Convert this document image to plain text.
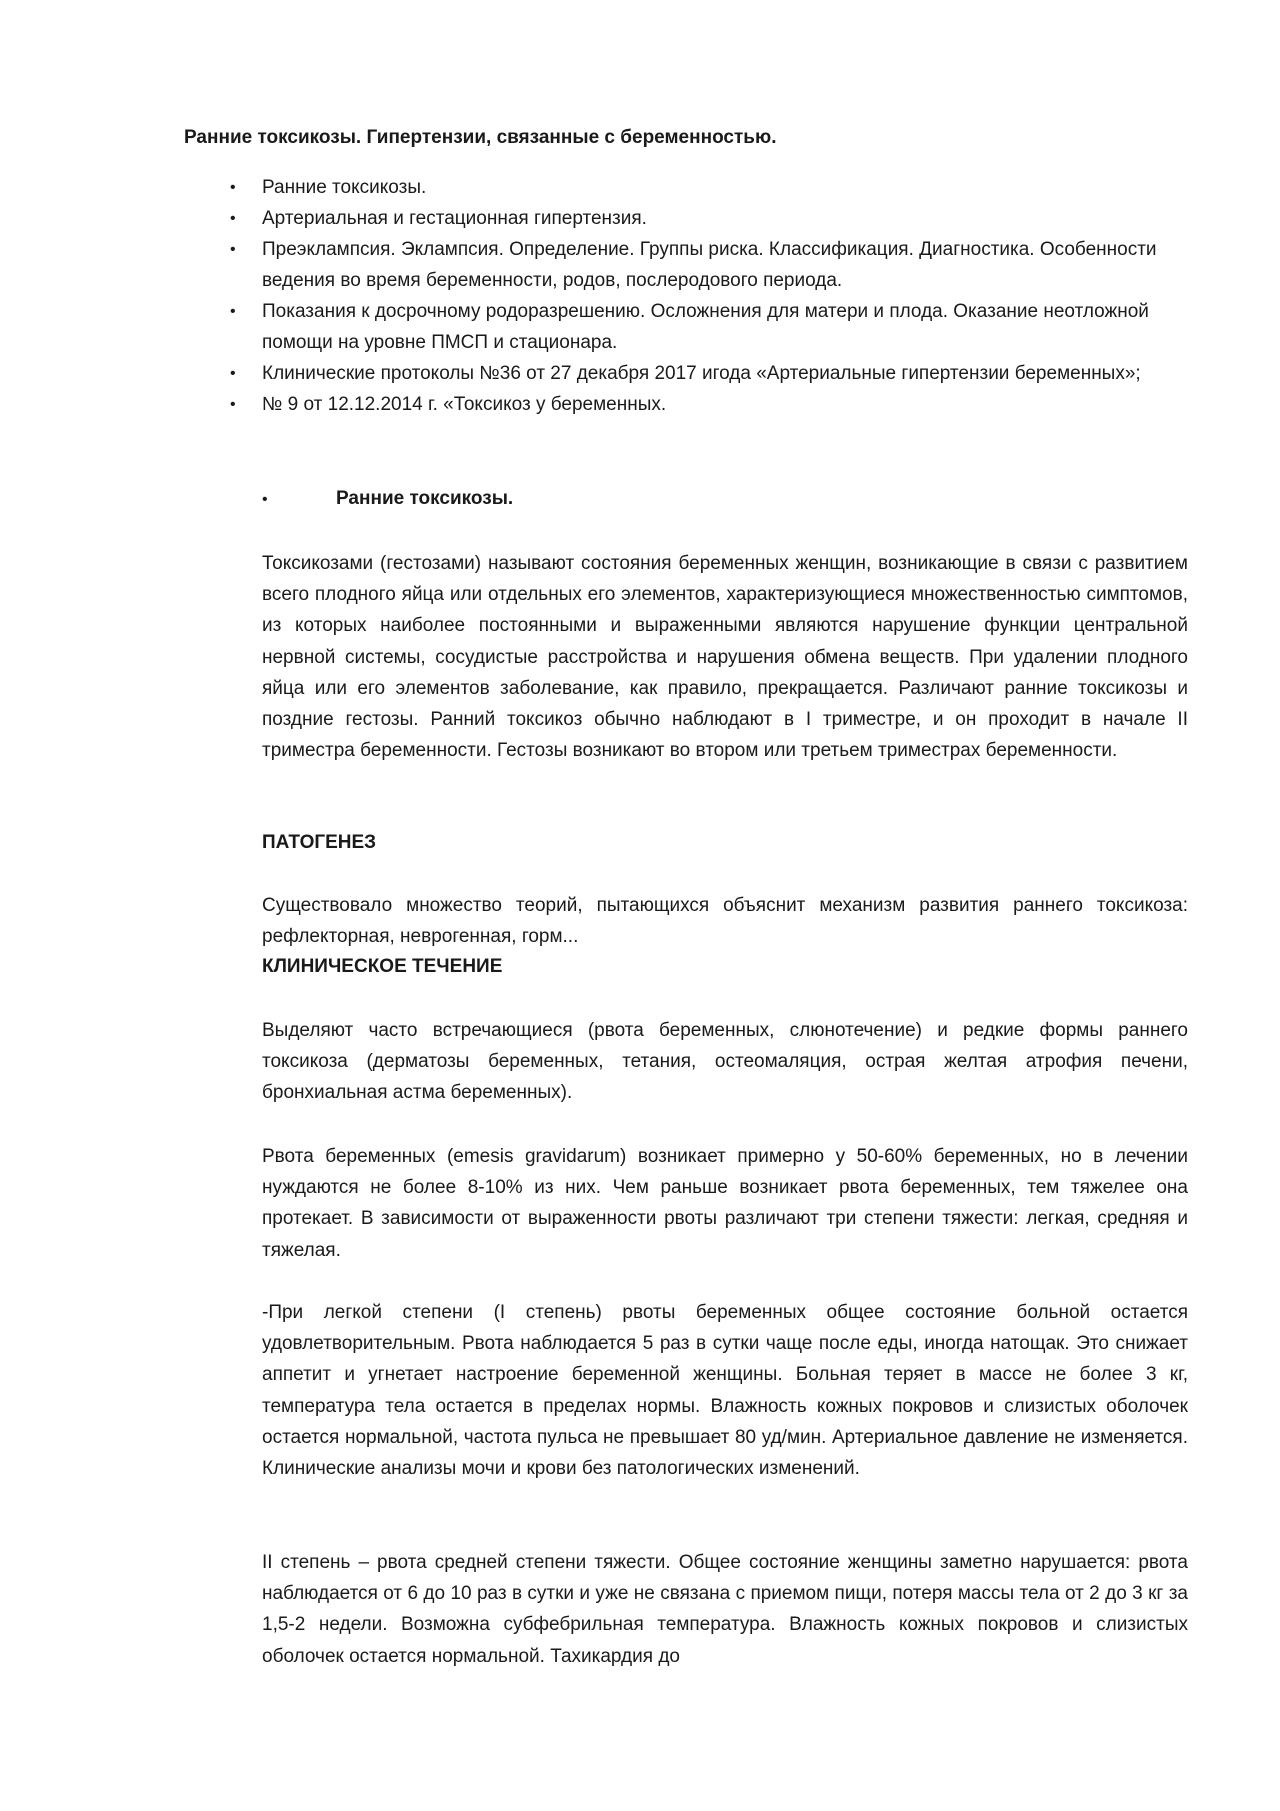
Ранние токсикозы. Гипертензии, связанные с беременностью.
• Ранние токсикозы.
• Артериальная и гестационная гипертензия.
• Преэклампсия. Эклампсия. Определение. Группы риска. Классификация. Диагностика. Особенности ведения во время беременности, родов, послеродового периода.
• Показания к досрочному родоразрешению. Осложнения для матери и плода. Оказание неотложной помощи на уровне ПМСП и стационара.
• Клинические протоколы №36 от 27 декабря 2017 игода «Артериальные гипертензии беременных»;
• № 9 от 12.12.2014 г. «Токсикоз у беременных.
•	Ранние токсикозы.

Токсикозами (гестозами) называют состояния беременных женщин, возникающие в связи с развитием всего плодного яйца или отдельных его элементов, характеризующиеся множественностью симптомов, из которых наиболее постоянными и выраженными являются нарушение функции центральной нервной системы, сосудистые расстройства и нарушения обмена веществ. При удалении плодного яйца или его элементов заболевание, как правило, прекращается. Различают ранние токсикозы и поздние гестозы. Ранний токсикоз обычно наблюдают в I триместре, и он проходит в начале II триместра беременности. Гестозы возникают во втором или третьем триместрах беременности.

ПАТОГЕНЕЗ

Существовало множество теорий, пытающихся объяснит механизм развития раннего токсикоза: рефлекторная, неврогенная, горм...

КЛИНИЧЕСКОЕ ТЕЧЕНИЕ

Выделяют часто встречающиеся (рвота беременных, слюнотечение) и редкие формы раннего токсикоза (дерматозы беременных, тетания, остеомаляция, острая желтая атрофия печени, бронхиальная астма беременных).

Рвота беременных (emesis gravidarum) возникает примерно у 50-60% беременных, но в лечении нуждаются не более 8-10% из них. Чем раньше возникает рвота беременных, тем тяжелее она протекает. В зависимости от выраженности рвоты различают три степени тяжести: легкая, средняя и тяжелая.

-При легкой степени (I степень) рвоты беременных общее состояние больной остается удовлетворительным. Рвота наблюдается 5 раз в сутки чаще после еды, иногда натощак. Это снижает аппетит и угнетает настроение беременной женщины. Больная теряет в массе не более 3 кг, температура тела остается в пределах нормы. Влажность кожных покровов и слизистых оболочек остается нормальной, частота пульса не превышает 80 уд/мин. Артериальное давление не изменяется. Клинические анализы мочи и крови без патологических изменений.

II степень – рвота средней степени тяжести. Общее состояние женщины заметно нарушается: рвота наблюдается от 6 до 10 раз в сутки и уже не связана с приемом пищи, потеря массы тела от 2 до 3 кг за 1,5-2 недели. Возможна субфебрильная температура. Влажность кожных покровов и слизистых оболочек остается нормальной. Тахикардия до
